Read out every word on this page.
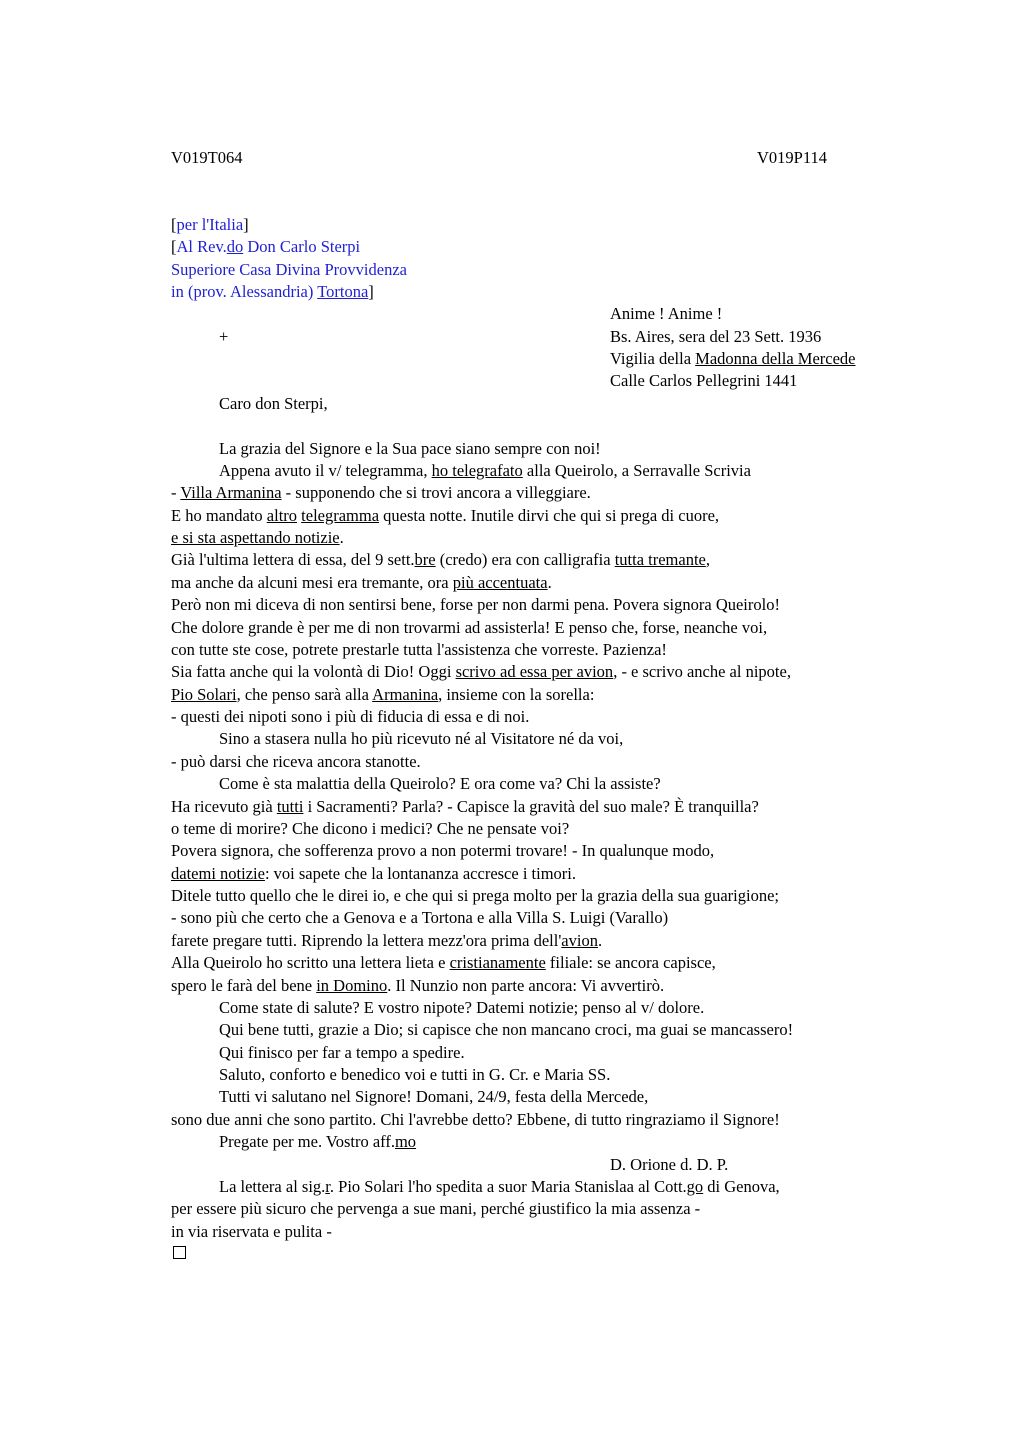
V019T064	V019P114
[per l'Italia]
[Al Rev.do Don Carlo Sterpi
Superiore Casa Divina Provvidenza
in (prov. Alessandria) Tortona]
Anime ! Anime !
Bs. Aires, sera del 23 Sett. 1936
Vigilia della Madonna della Mercede
Calle Carlos Pellegrini 1441
+
Caro don Sterpi,
La grazia del Signore e la Sua pace siano sempre con noi!
Appena avuto il v/ telegramma, ho telegrafato alla Queirolo, a Serravalle Scrivia
- Villa Armanina - supponendo che si trovi ancora a villeggiare.
E ho mandato altro telegramma questa notte. Inutile dirvi che qui si prega di cuore,
e si sta aspettando notizie.
Già l'ultima lettera di essa, del 9 sett.bre (credo) era con calligrafia tutta tremante,
ma anche da alcuni mesi era tremante, ora più accentuata.
Però non mi diceva di non sentirsi bene, forse per non darmi pena. Povera signora Queirolo!
Che dolore grande è per me di non trovarmi ad assisterla! E penso che, forse, neanche voi,
con tutte ste cose, potrete prestarle tutta l'assistenza che vorreste. Pazienza!
Sia fatta anche qui la volontà di Dio! Oggi scrivo ad essa per avion, - e scrivo anche al nipote,
Pio Solari, che penso sarà alla Armanina, insieme con la sorella:
- questi dei nipoti sono i più di fiducia di essa e di noi.
Sino a stasera nulla ho più ricevuto né al Visitatore né da voi,
- può darsi che riceva ancora stanotte.
Come è sta malattia della Queirolo? E ora come va? Chi la assiste?
Ha ricevuto già tutti i Sacramenti? Parla? - Capisce la gravità del suo male? È tranquilla?
o teme di morire? Che dicono i medici? Che ne pensate voi?
Povera signora, che sofferenza provo a non potermi trovare! - In qualunque modo,
datemi notizie: voi sapete che la lontananza accresce i timori.
Ditele tutto quello che le direi io, e che qui si prega molto per la grazia della sua guarigione;
- sono più che certo che a Genova e a Tortona e alla Villa S. Luigi (Varallo)
farete pregare tutti. Riprendo la lettera mezz'ora prima dell'avion.
Alla Queirolo ho scritto una lettera lieta e cristianamente filiale: se ancora capisce,
spero le farà del bene in Domino. Il Nunzio non parte ancora: Vi avvertirò.
Come state di salute? E vostro nipote? Datemi notizie; penso al v/ dolore.
Qui bene tutti, grazie a Dio; si capisce che non mancano croci, ma guai se mancassero!
Qui finisco per far a tempo a spedire.
Saluto, conforto e benedico voi e tutti in G. Cr. e Maria SS.
Tutti vi salutano nel Signore! Domani, 24/9, festa della Mercede,
sono due anni che sono partito. Chi l'avrebbe detto? Ebbene, di tutto ringraziamo il Signore!
Pregate per me. Vostro aff.mo
D. Orione d. D. P.
La lettera al sig.r. Pio Solari l'ho spedita a suor Maria Stanislaa al Cott.go di Genova,
per essere più sicuro che pervenga a sue mani, perché giustifico la mia assenza -
in via riservata e pulita -
